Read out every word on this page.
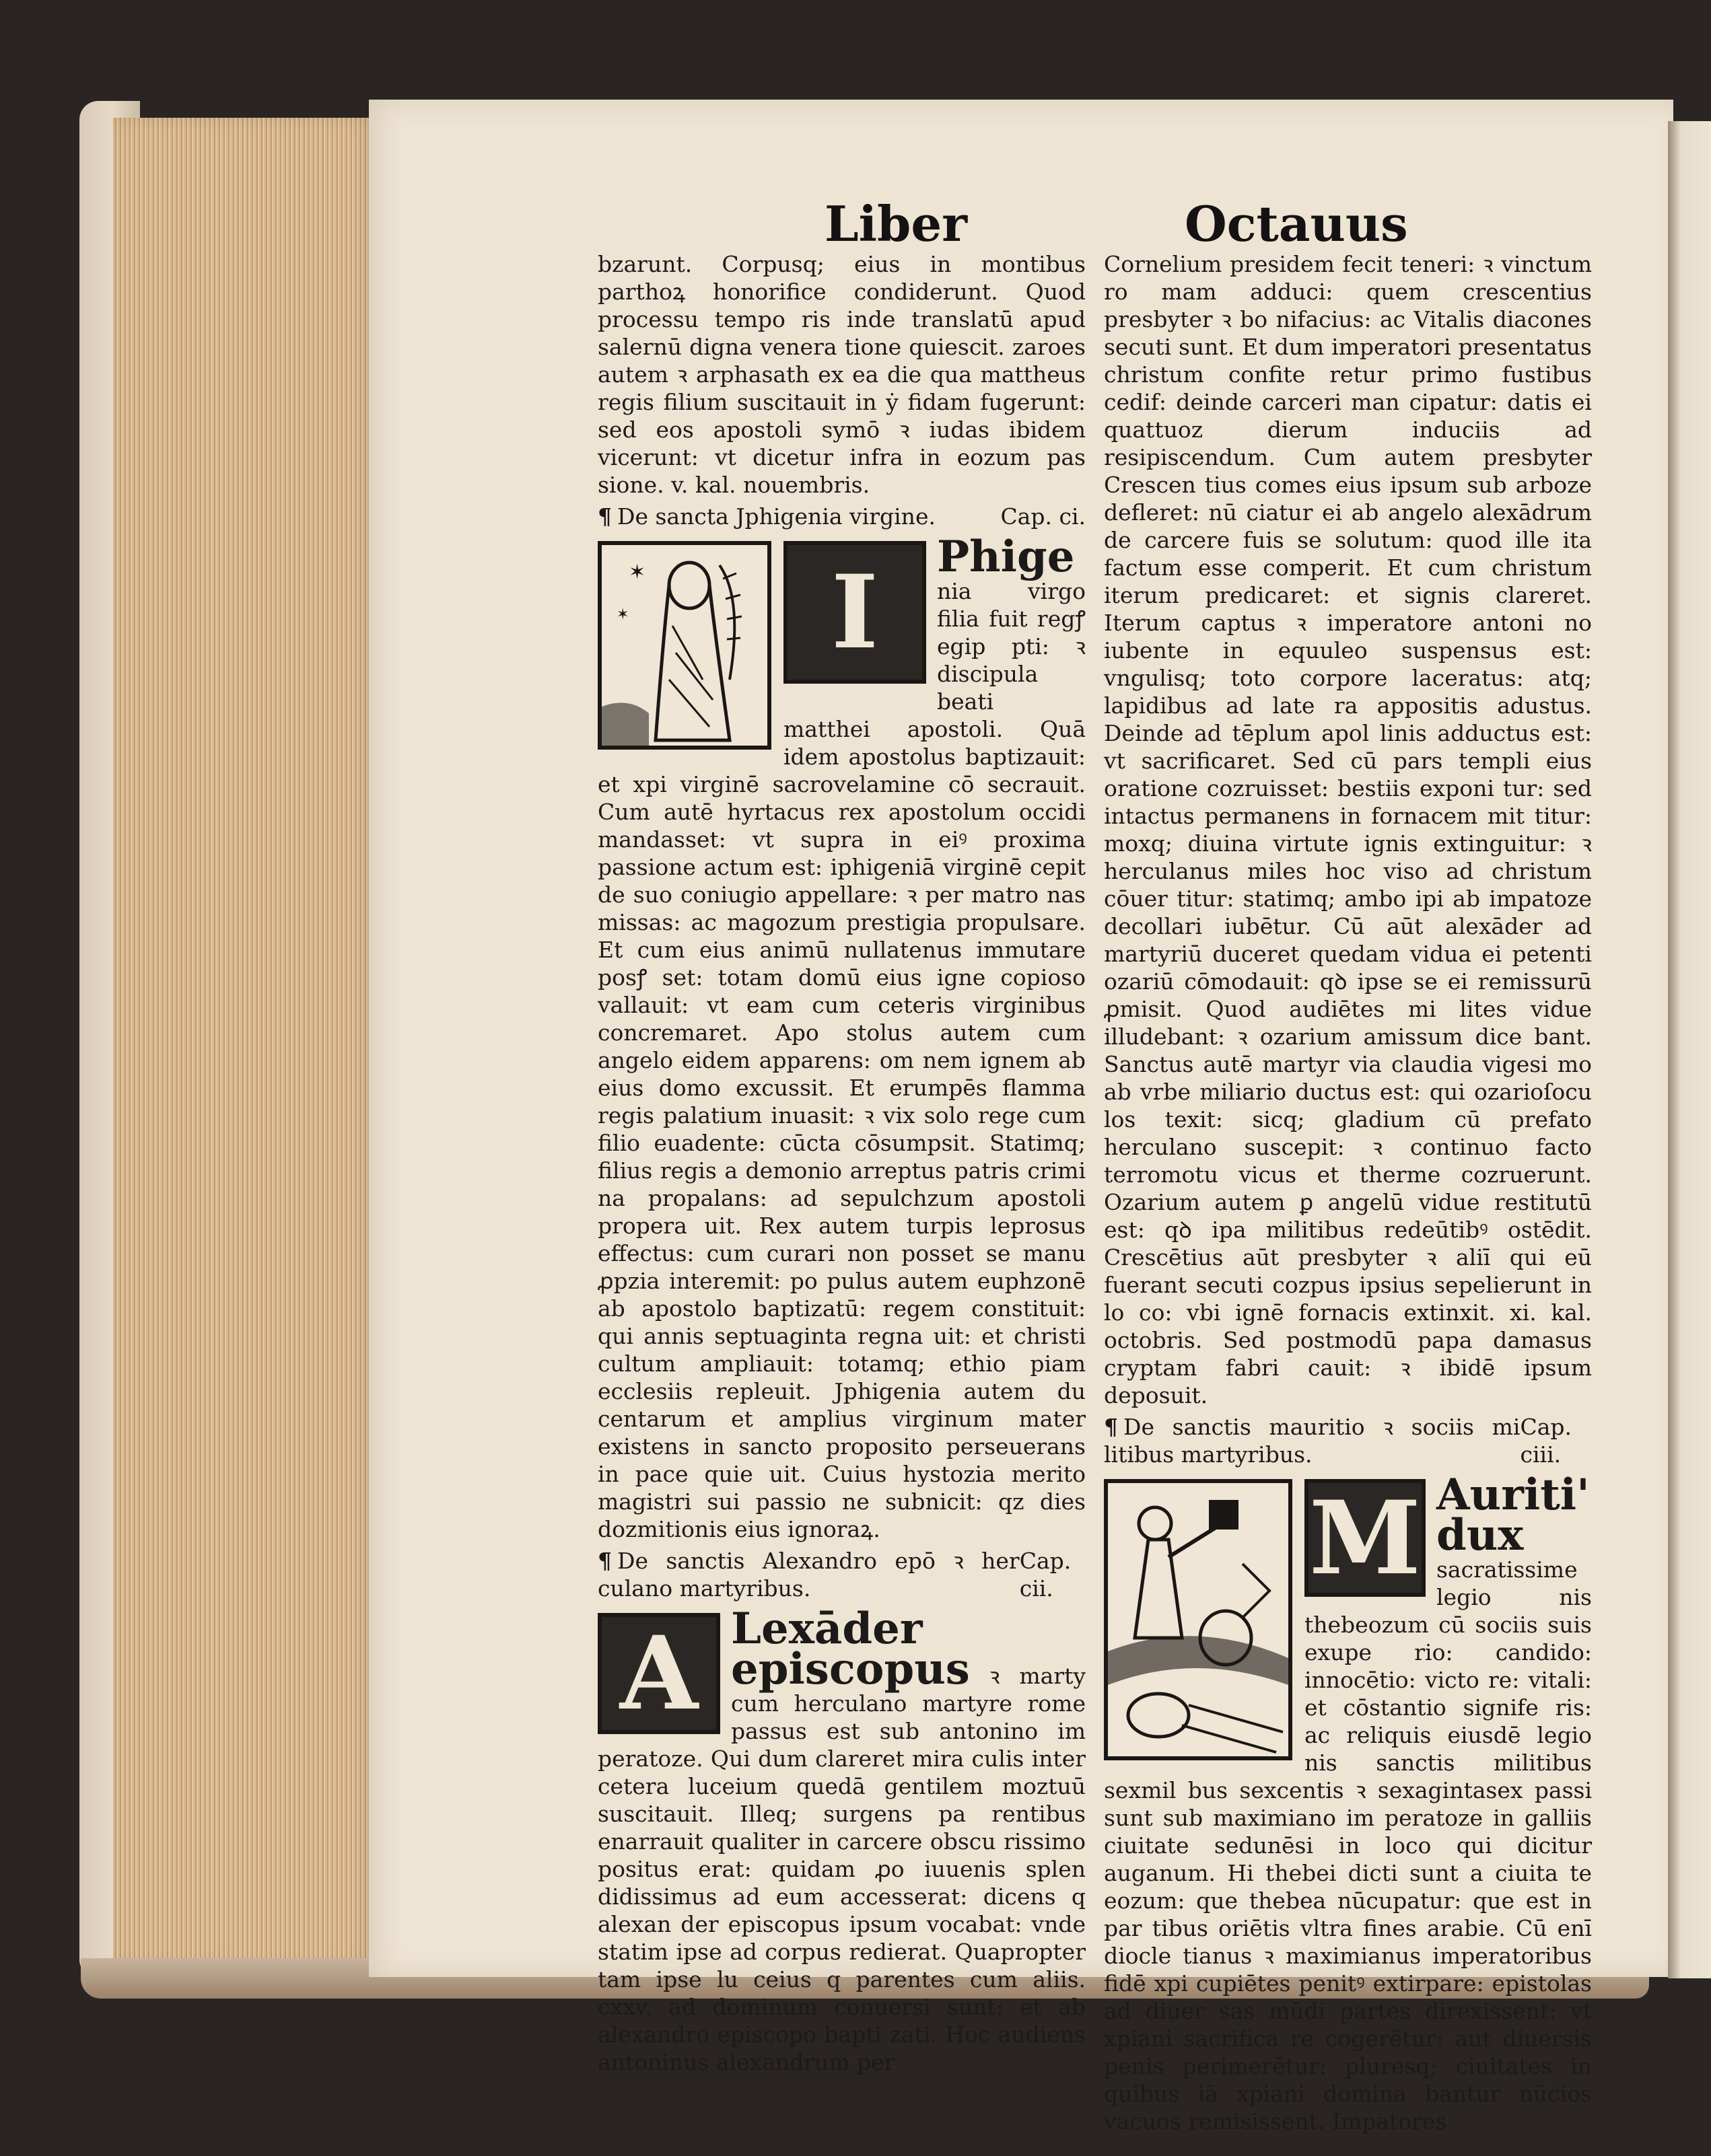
Liber	Octauus

bzarunt. Corpusq; eius in montibus parthoꝝ honorifice condiderunt. Quod processu tempo ris inde translatū apud salernū digna venera tione quiescit. zaroes autem ꝛ arphasath ex ea die qua mattheus regis filium suscitauit in ẏ fidam fugerunt: sed eos apostoli symō ꝛ iudas ibidem vicerunt: vt dicetur infra in eozum pas sione. v. kal. nouembris.

¶ De sancta Jphigenia virgine.	Cap. ci.
✶
✶ I	Phige nia virgo filia fuit regꝭ egip pti: ꝛ discipula beati matthei apostoli. Quā idem apostolus baptizauit: et xpi virginē sacrovelamine cō secrauit. Cum autē hyrtacus rex apostolum occidi mandasset: vt supra in eiꝰ proxima passione actum est: iphigeniā virginē cepit de suo coniugio appellare: ꝛ per matro nas missas: ac magozum prestigia propulsare. Et cum eius animū nullatenus immutare posꝭ set: totam domū eius igne copioso vallauit: vt eam cum ceteris virginibus concremaret. Apo stolus autem cum angelo eidem apparens: om nem ignem ab eius domo excussit. Et erumpēs flamma regis palatium inuasit: ꝛ vix solo rege cum filio euadente: cūcta cōsumpsit. Statimq; filius regis a demonio arreptus patris crimi na propalans: ad sepulchzum apostoli propera uit. Rex autem turpis leprosus effectus: cum curari non posset se manu ꝓpzia interemit: po pulus autem euphzonē ab apostolo baptizatū: regem constituit: qui annis septuaginta regna uit: et christi cultum ampliauit: totamq; ethio piam ecclesiis repleuit. Jphigenia autem du centarum et amplius virginum mater existens in sancto proposito perseuerans in pace quie uit. Cuius hystozia merito magistri sui passio ne subnicit: qz dies dozmitionis eius ignoraꝝ.

¶ De sanctis Alexandro epō ꝛ her culano martyribus.
Cap. cii.
A Lexāder episcopus ꝛ marty cum herculano martyre rome passus est sub antonino im peratoze. Qui dum clareret mira culis inter cetera luceium quedā gentilem moztuū suscitauit. Illeq; surgens pa rentibus enarrauit qualiter in carcere obscu rissimo positus erat: quidam ꝓo iuuenis splen didissimus ad eum accesserat: dicens q alexan der episcopus ipsum vocabat: vnde statim ipse ad corpus redierat. Quapropter tam ipse lu ceius q parentes cum aliis. cxxv. ad dominum conuersi sunt: et ab alexandro episcopo bapti zati. Hoc audiens antoninus alexandrum per

Cornelium presidem fecit teneri: ꝛ vinctum ro mam adduci: quem crescentius presbyter ꝛ bo nifacius: ac Vitalis diacones secuti sunt. Et dum imperatori presentatus christum confite retur primo fustibus cedif: deinde carceri man cipatur: datis ei quattuoz dierum induciis ad resipiscendum. Cum autem presbyter Crescen tius comes eius ipsum sub arboze defleret: nū ciatur ei ab angelo alexādrum de carcere fuis se solutum: quod ille ita factum esse comperit. Et cum christum iterum predicaret: et signis clareret. Iterum captus ꝛ imperatore antoni no iubente in equuleo suspensus est: vngulisq; toto corpore laceratus: atq; lapidibus ad late ra appositis adustus. Deinde ad tēplum apol linis adductus est: vt sacrificaret. Sed cū pars templi eius oratione cozruisset: bestiis exponi tur: sed intactus permanens in fornacem mit titur: moxq; diuina virtute ignis extinguitur: ꝛ herculanus miles hoc viso ad christum cōuer titur: statimq; ambo ipi ab impatoze decollari iubētur. Cū aūt alexāder ad martyriū duceret quedam vidua ei petenti ozariū cōmodauit: qꝺ ipse se ei remissurū ꝓmisit. Quod audiētes mi lites vidue illudebant: ꝛ ozarium amissum dice bant. Sanctus autē martyr via claudia vigesi mo ab vrbe miliario ductus est: qui ozarioſocu los texit: sicq; gladium cū prefato herculano suscepit: ꝛ continuo facto terromotu vicus et therme cozruerunt. Ozarium autem ꝑ angelū vidue restitutū est: qꝺ ipa militibus redeūtibꝰ ostēdit. Crescētius aūt presbyter ꝛ aliī qui eū fuerant secuti cozpus ipsius sepelierunt in lo co: vbi ignē fornacis extinxit. xi. kal. octobris. Sed postmodū papa damasus cryptam fabri cauit: ꝛ ibidē ipsum deposuit.

¶ De sanctis mauritio ꝛ sociis mi litibus martyribus.
Cap. ciii.
M Auriti' dux sacratissime legio nis thebeozum cū sociis suis exupe rio: candido: innocētio: victo re: vitali: et cōstantio signife ris: ac reliquis eiusdē legio nis sanctis militibus sexmil bus sexcentis ꝛ sexagintasex passi sunt sub maximiano im peratoze in galliis ciuitate sedunēsi in loco qui dicitur auganum. Hi thebei dicti sunt a ciuita te eozum: que thebea nūcupatur: que est in par tibus oriētis vltra fines arabie. Cū enī diocle tianus ꝛ maximianus imperatoribus fidē xpi cupiētes penitꝰ extirpare: epistolas ad diuer sas mūdi partes direxissent: vt xpiani sacrifica re cogerētur: aut diuersis penis perimerētur: pluresq; ciuitates in quibus iā xpiani domina bantur nūcios vacuos remisissent. Impatores
